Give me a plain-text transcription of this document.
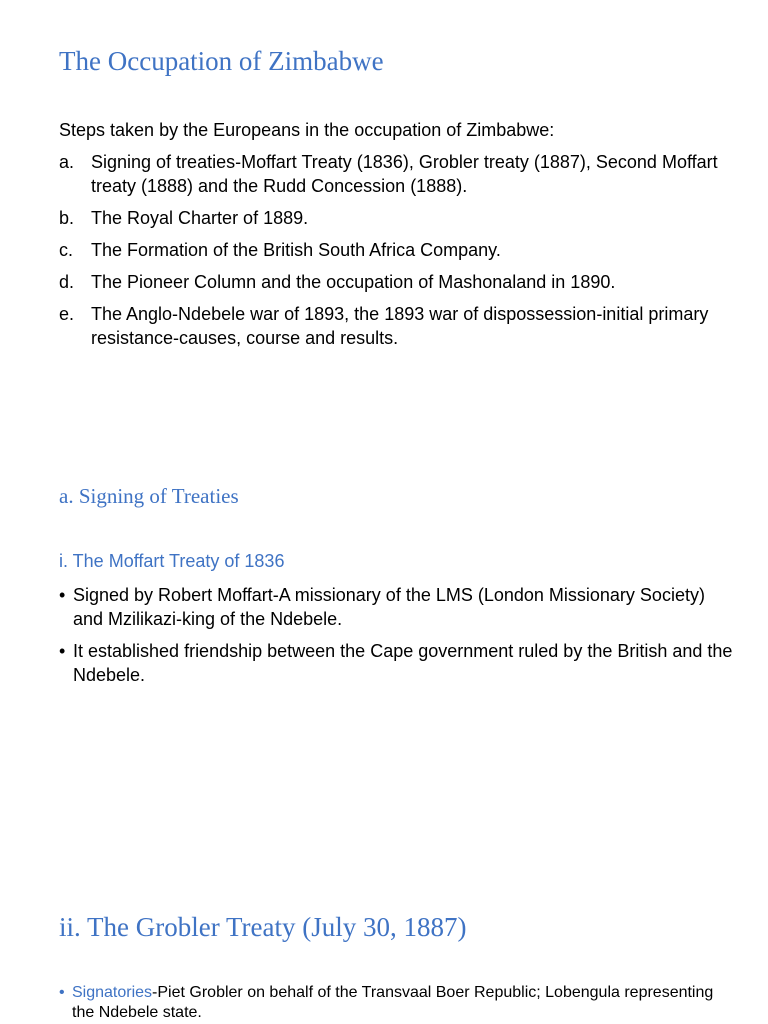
The Occupation of Zimbabwe

Steps taken by the Europeans in the occupation of Zimbabwe:

a. Signing of treaties-Moffart Treaty (1836), Grobler treaty (1887), Second Moffart treaty (1888) and the Rudd Concession (1888).
b. The Royal Charter of 1889.
c. The Formation of the British South Africa Company.
d. The Pioneer Column and the occupation of Mashonaland in 1890.
e. The Anglo-Ndebele war of 1893, the 1893 war of dispossession-initial primary resistance-causes, course and results.
a. Signing of Treaties
i. The Moffart Treaty of 1836
• Signed by Robert Moffart-A missionary of the LMS (London Missionary Society) and Mzilikazi-king of the Ndebele.
• It established friendship between the Cape government ruled by the British and the Ndebele.
ii. The Grobler Treaty (July 30, 1887)
• Signatories-Piet Grobler on behalf of the Transvaal Boer Republic; Lobengula representing the Ndebele state.
